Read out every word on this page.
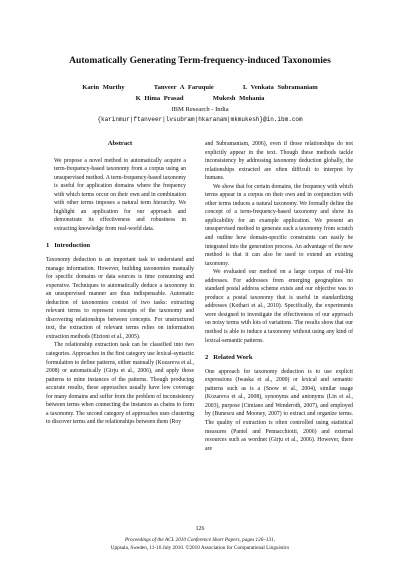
Automatically Generating Term-frequency-induced Taxonomies
Karin Murthy        Tanveer A Faruquie        L Venkata Subramaniam
K Hima Prasad        Mukesh Mohania
IBM Research - India
{karinmur|ftanveer|lvsubram|hkaranam|mkmukesh}@in.ibm.com
Abstract

We propose a novel method to automatically acquire a term-frequency-based taxonomy from a corpus using an unsupervised method. A term-frequency-based taxonomy is useful for application domains where the frequency with which terms occur on their own and in combination with other terms imposes a natural term hierarchy. We highlight an application for our approach and demonstrate its effectiveness and robustness in extracting knowledge from real-world data.

1   Introduction

Taxonomy deduction is an important task to understand and manage information. However, building taxonomies manually for specific domains or data sources is time consuming and expensive. Techniques to automatically deduce a taxonomy in an unsupervised manner are thus indispensable. Automatic deduction of taxonomies consist of two tasks: extracting relevant terms to represent concepts of the taxonomy and discovering relationships between concepts. For unstructured text, the extraction of relevant terms relies on information extraction methods (Etzioni et al., 2005).

The relationship extraction task can be classified into two categories. Approaches in the first category use lexical-syntactic formulation to define patterns, either manually (Kozareva et al., 2008) or automatically (Girju et al., 2006), and apply those patterns to mine instances of the patterns. Though producing accurate results, these approaches usually have low coverage for many domains and suffer from the problem of inconsistency between terms when connecting the instances as chains to form a taxonomy. The second category of approaches uses clustering to discover terms and the relationships between them (Roy

and Subramaniam, 2006), even if those relationships do not explicitly appear in the text. Though these methods tackle inconsistency by addressing taxonomy deduction globally, the relationships extracted are often difficult to interpret by humans.

We show that for certain domains, the frequency with which terms appear in a corpus on their own and in conjunction with other terms induces a natural taxonomy. We formally define the concept of a term-frequency-based taxonomy and show its applicability for an example application. We present an unsupervised method to generate such a taxonomy from scratch and outline how domain-specific constraints can easily be integrated into the generation process. An advantage of the new method is that it can also be used to extend an existing taxonomy.

We evaluated our method on a large corpus of real-life addresses. For addresses from emerging geographies no standard postal address scheme exists and our objective was to produce a postal taxonomy that is useful in standardizing addresses (Kothari et al., 2010). Specifically, the experiments were designed to investigate the effectiveness of our approach on noisy terms with lots of variations. The results show that our method is able to induce a taxonomy without using any kind of lexical-semantic patterns.

2   Related Work

One approach for taxonomy deduction is to use explicit expressions (Iwaska et al., 2000) or lexical and semantic patterns such as is a (Snow et al., 2004), similar usage (Kozareva et al., 2008), synonyms and antonyms (Lin et al., 2003), purpose (Cimiano and Wenderoth, 2007), and employed by (Bunescu and Mooney, 2007) to extract and organize terms. The quality of extraction is often controlled using statistical measures (Pantel and Pennacchiotti, 2006) and external resources such as wordnet (Girju et al., 2006). However, there are

126
Proceedings of the ACL 2010 Conference Short Papers, pages 126–131,
Uppsala, Sweden, 11-16 July 2010. ©2010 Association for Computational Linguistics
